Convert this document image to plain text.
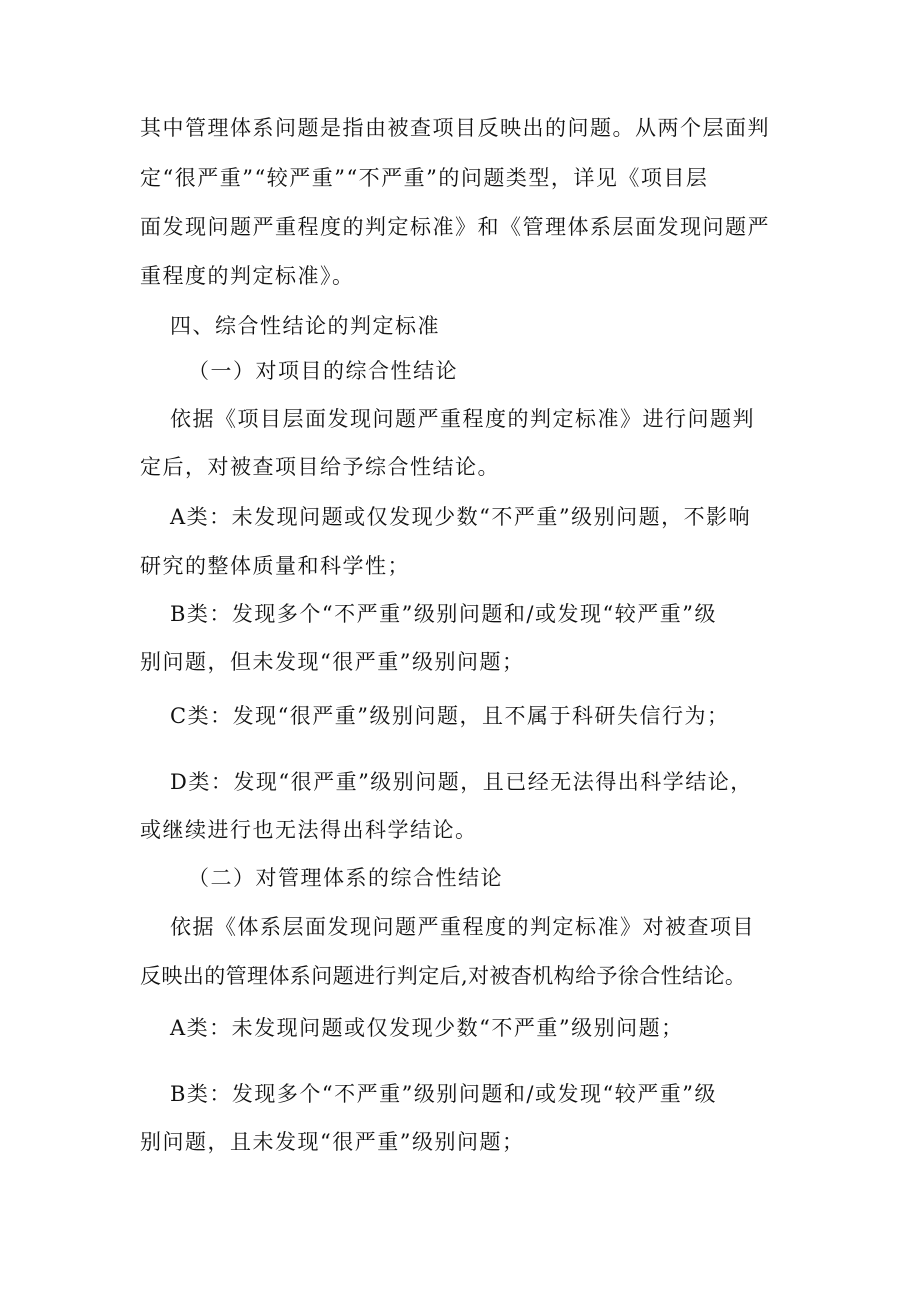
其中管理体系问题是指由被查项目反映出的问题。从两个层面判

定“很严重”“较严重”“不严重”的问题类型，详见《项目层

面发现问题严重程度的判定标准》和《管理体系层面发现问题严

重程度的判定标准》。

四、综合性结论的判定标准

（一）对项目的综合性结论

依据《项目层面发现问题严重程度的判定标准》进行问题判

定后，对被查项目给予综合性结论。

A类：未发现问题或仅发现少数“不严重”级别问题，不影响

研究的整体质量和科学性；

B类：发现多个“不严重”级别问题和/或发现“较严重”级

别问题，但未发现“很严重”级别问题；

C类：发现“很严重”级别问题，且不属于科研失信行为；

D类：发现“很严重”级别问题，且已经无法得出科学结论，

或继续进行也无法得出科学结论。

（二）对管理体系的综合性结论

依据《体系层面发现问题严重程度的判定标准》对被查项目

反映出的管理体系问题进行判定后,对被杳机构给予徐合性结论。

A类：未发现问题或仅发现少数“不严重”级别问题；

B类：发现多个“不严重”级别问题和/或发现“较严重”级

别问题，且未发现“很严重”级别问题；
